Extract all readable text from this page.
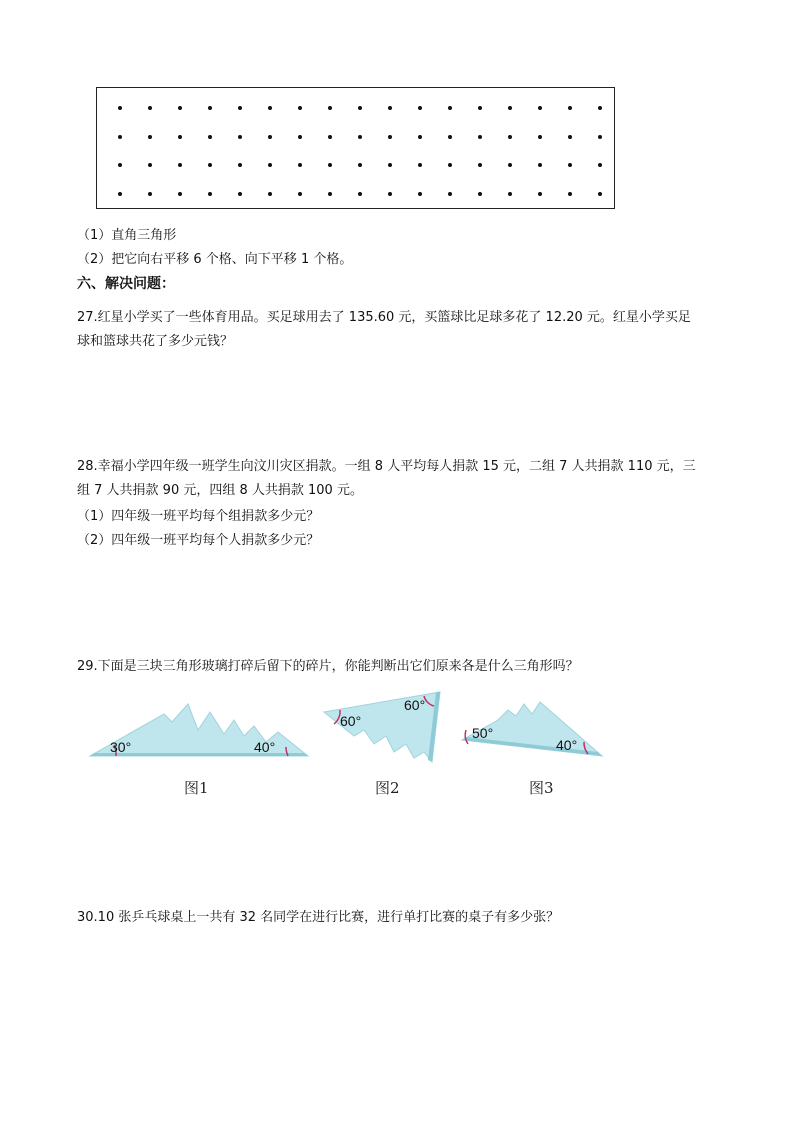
（1）直角三角形
（2）把它向右平移 6 个格、向下平移 1 个格。
六、解决问题：
27.红星小学买了一些体育用品。买足球用去了 135.60 元，买篮球比足球多花了 12.20 元。红星小学买足
球和篮球共花了多少元钱？
28.幸福小学四年级一班学生向汶川灾区捐款。一组 8 人平均每人捐款 15 元，二组 7 人共捐款 110 元，三
组 7 人共捐款 90 元，四组 8 人共捐款 100 元。
（1）四年级一班平均每个组捐款多少元？
（2）四年级一班平均每个人捐款多少元？
29.下面是三块三角形玻璃打碎后留下的碎片，你能判断出它们原来各是什么三角形吗？
30°	40°
60°
60°
50°
40°
图1	图2	图3
30.10 张乒乓球桌上一共有 32 名同学在进行比赛，进行单打比赛的桌子有多少张？
